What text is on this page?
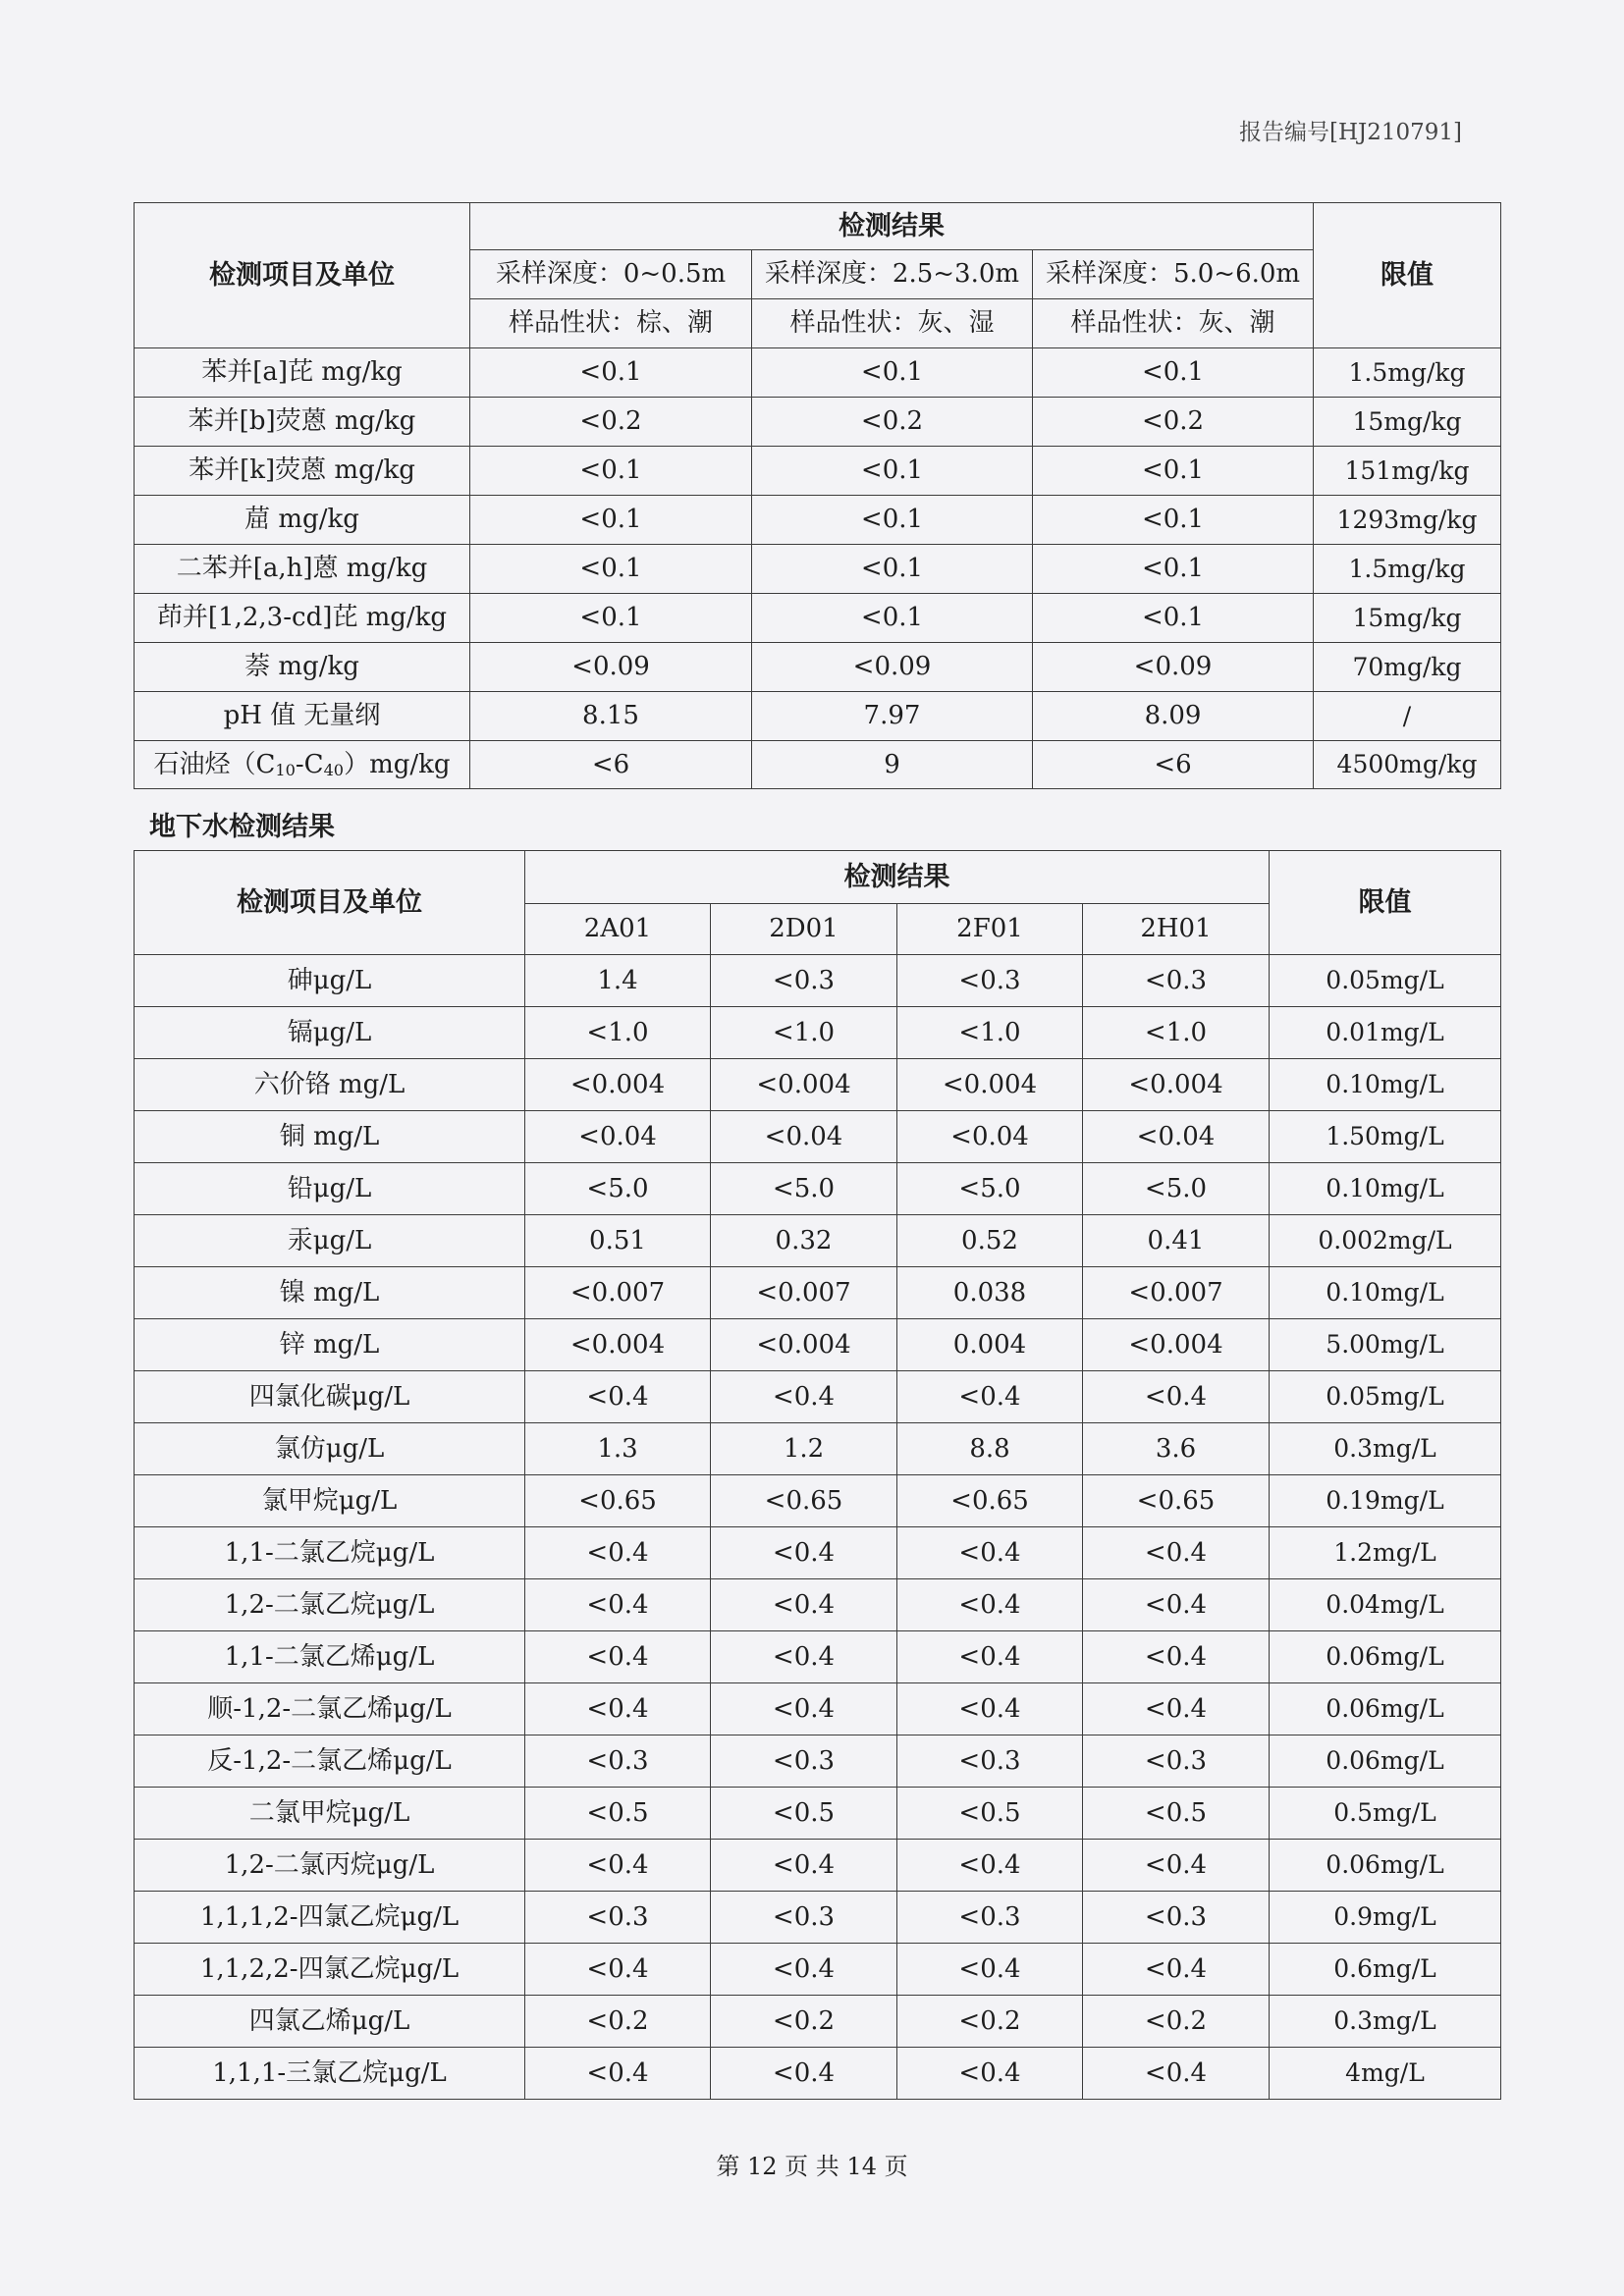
报告编号[HJ210791]
检测项目及单位	检测结果			限值
	采样深度：0~0.5m	采样深度：2.5~3.0m	采样深度：5.0~6.0m	
	样品性状：棕、潮	样品性状：灰、湿	样品性状：灰、潮	
苯并[a]芘 mg/kg	<0.1	<0.1	<0.1	1.5mg/kg
苯并[b]荧蒽 mg/kg	<0.2	<0.2	<0.2	15mg/kg
苯并[k]荧蒽 mg/kg	<0.1	<0.1	<0.1	151mg/kg
䓛 mg/kg	<0.1	<0.1	<0.1	1293mg/kg
二苯并[a,h]蒽 mg/kg	<0.1	<0.1	<0.1	1.5mg/kg
茚并[1,2,3-cd]芘 mg/kg	<0.1	<0.1	<0.1	15mg/kg
萘 mg/kg	<0.09	<0.09	<0.09	70mg/kg
pH 值 无量纲	8.15	7.97	8.09	/
石油烃$(C_{10}-C_{40})mg/kg$	<6	9	<6	4500mg/kg
地下水检测结果
检测项目及单位	检测结果				限值
	2A01	2D01	2F01	2H01	
砷μg/L	1.4	<0.3	<0.3	<0.3	0.05mg/L
镉μg/L	<1.0	<1.0	<1.0	<1.0	0.01mg/L
六价铬 mg/L	<0.004	<0.004	<0.004	<0.004	0.10mg/L
铜 mg/L	<0.04	<0.04	<0.04	<0.04	1.50mg/L
铅μg/L	<5.0	<5.0	<5.0	<5.0	0.10mg/L
汞μg/L	0.51	0.32	0.52	0.41	0.002mg/L
镍 mg/L	<0.007	<0.007	0.038	<0.007	0.10mg/L
锌 mg/L	<0.004	<0.004	0.004	<0.004	5.00mg/L
四氯化碳μg/L	<0.4	<0.4	<0.4	<0.4	0.05mg/L
氯仿μg/L	1.3	1.2	8.8	3.6	0.3mg/L
氯甲烷μg/L	<0.65	<0.65	<0.65	<0.65	0.19mg/L
1,1-二氯乙烷μg/L	<0.4	<0.4	<0.4	<0.4	1.2mg/L
1,2-二氯乙烷μg/L	<0.4	<0.4	<0.4	<0.4	0.04mg/L
1,1-二氯乙烯μg/L	<0.4	<0.4	<0.4	<0.4	0.06mg/L
顺-1,2-二氯乙烯μg/L	<0.4	<0.4	<0.4	<0.4	0.06mg/L
反-1,2-二氯乙烯μg/L	<0.3	<0.3	<0.3	<0.3	0.06mg/L
二氯甲烷μg/L	<0.5	<0.5	<0.5	<0.5	0.5mg/L
1,2-二氯丙烷μg/L	<0.4	<0.4	<0.4	<0.4	0.06mg/L
1,1,1,2-四氯乙烷μg/L	<0.3	<0.3	<0.3	<0.3	0.9mg/L
1,1,2,2-四氯乙烷μg/L	<0.4	<0.4	<0.4	<0.4	0.6mg/L
四氯乙烯μg/L	<0.2	<0.2	<0.2	<0.2	0.3mg/L
1,1,1-三氯乙烷μg/L	<0.4	<0.4	<0.4	<0.4	4mg/L
第 12 页 共 14 页
